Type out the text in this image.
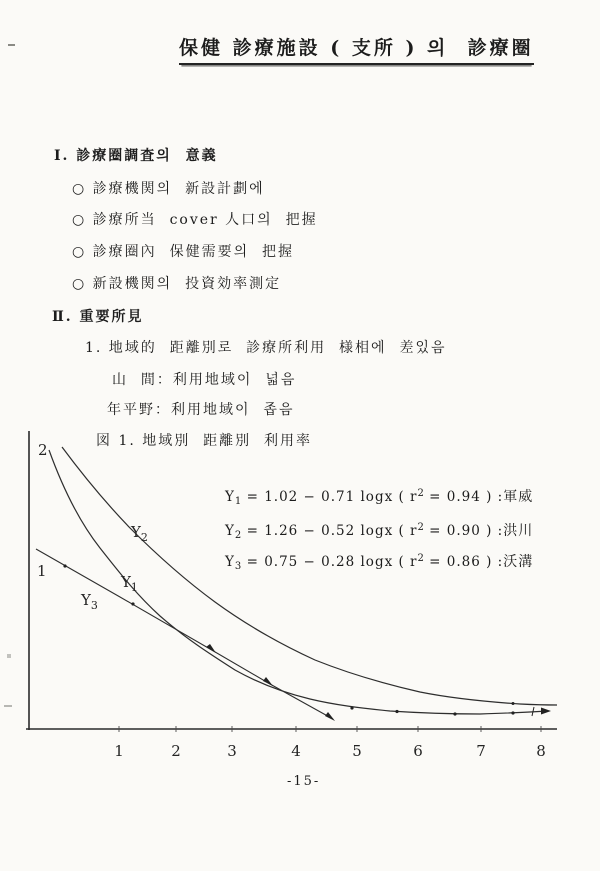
保健 診療施設 ( 支所 ) 의  診療圈
Ⅰ. 診療圈調査의  意義
○ 診療機関의  新設計劃에
○ 診療所当  cover 人口의  把握
○ 診療圈內  保健需要의  把握
○ 新設機関의  投資効率測定
Ⅱ. 重要所見
1. 地域的  距離別로  診療所利用  様相에  差있음
山  間：利用地域이  넓음
年平野：利用地域이  좁음
図 1. 地域別  距離別  利用率
$Y_1 = 1.02 - 0.71$ logx ( $r^2 = 0.94$ ) :軍威
$Y_2 = 1.26 - 0.52$ logx ( $r^2 = 0.90$ ) :洪川
$Y_3 = 0.75 - 0.28$ logx ( $r^2 = 0.86$ ) :沃溝
1	2	3	4	5	6	7	8
2
1
$Y_2$
$Y_1$
$Y_3$
-15-
